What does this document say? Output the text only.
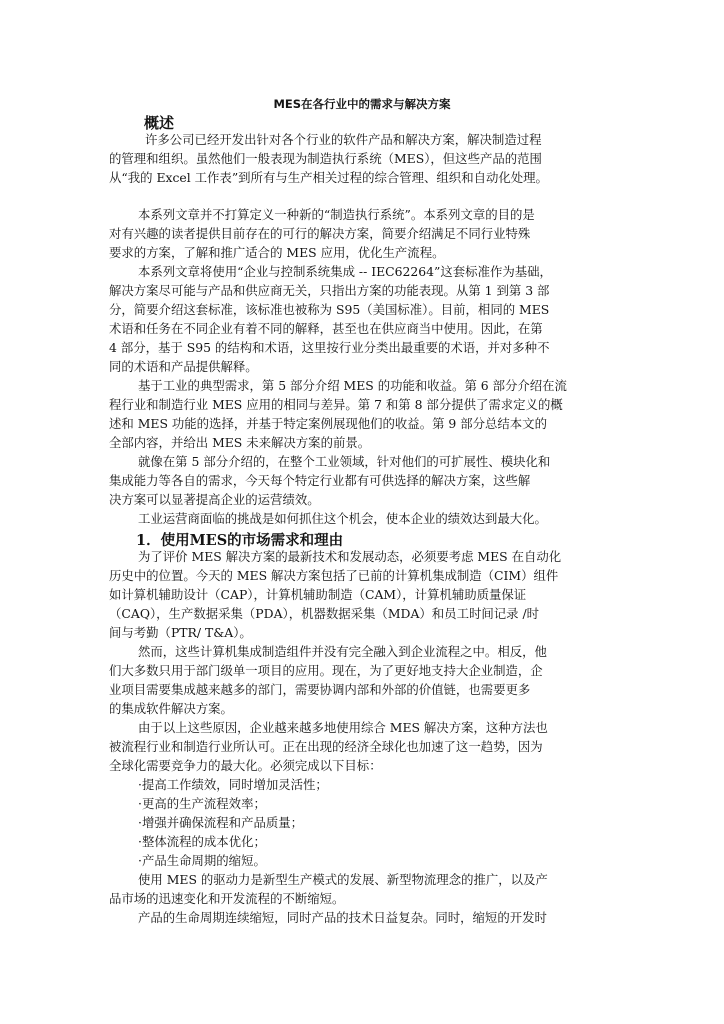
MES在各行业中的需求与解决方案
概述
许多公司已经开发出针对各个行业的软件产品和解决方案，解决制造过程
的管理和组织。虽然他们一般表现为制造执行系统（MES），但这些产品的范围
从“我的 Excel 工作表”到所有与生产相关过程的综合管理、组织和自动化处理。
本系列文章并不打算定义一种新的“制造执行系统”。本系列文章的目的是
对有兴趣的读者提供目前存在的可行的解决方案，简要介绍满足不同行业特殊
要求的方案，了解和推广适合的 MES 应用，优化生产流程。
本系列文章将使用“企业与控制系统集成 -- IEC62264”这套标准作为基础，
解决方案尽可能与产品和供应商无关，只指出方案的功能表现。从第 1 到第 3 部
分，简要介绍这套标准，该标准也被称为 S95（美国标准）。目前，相同的 MES
术语和任务在不同企业有着不同的解释，甚至也在供应商当中使用。因此，在第
4 部分，基于 S95 的结构和术语，这里按行业分类出最重要的术语，并对多种不
同的术语和产品提供解释。
基于工业的典型需求，第 5 部分介绍 MES 的功能和收益。第 6 部分介绍在流
程行业和制造行业 MES 应用的相同与差异。第 7 和第 8 部分提供了需求定义的概
述和 MES 功能的选择，并基于特定案例展现他们的收益。第 9 部分总结本文的
全部内容，并给出 MES 未来解决方案的前景。
就像在第 5 部分介绍的，在整个工业领域，针对他们的可扩展性、模块化和
集成能力等各自的需求，今天每个特定行业都有可供选择的解决方案，这些解
决方案可以显著提高企业的运营绩效。
工业运营商面临的挑战是如何抓住这个机会，使本企业的绩效达到最大化。
1．使用MES的市场需求和理由
为了评价 MES 解决方案的最新技术和发展动态，必须要考虑 MES 在自动化
历史中的位置。今天的 MES 解决方案包括了已前的计算机集成制造（CIM）组件
如计算机辅助设计（CAP），计算机辅助制造（CAM），计算机辅助质量保证
（CAQ），生产数据采集（PDA），机器数据采集（MDA）和员工时间记录 /时
间与考勤（PTR/ T&A）。
然而，这些计算机集成制造组件并没有完全融入到企业流程之中。相反，他
们大多数只用于部门级单一项目的应用。现在，为了更好地支持大企业制造，企
业项目需要集成越来越多的部门，需要协调内部和外部的价值链，也需要更多
的集成软件解决方案。
由于以上这些原因，企业越来越多地使用综合 MES 解决方案，这种方法也
被流程行业和制造行业所认可。正在出现的经济全球化也加速了这一趋势，因为
全球化需要竞争力的最大化。必须完成以下目标：
·提高工作绩效，同时增加灵活性；
·更高的生产流程效率；
·增强并确保流程和产品质量；
·整体流程的成本优化；
·产品生命周期的缩短。
使用 MES 的驱动力是新型生产模式的发展、新型物流理念的推广，以及产
品市场的迅速变化和开发流程的不断缩短。
产品的生命周期连续缩短，同时产品的技术日益复杂。同时，缩短的开发时
